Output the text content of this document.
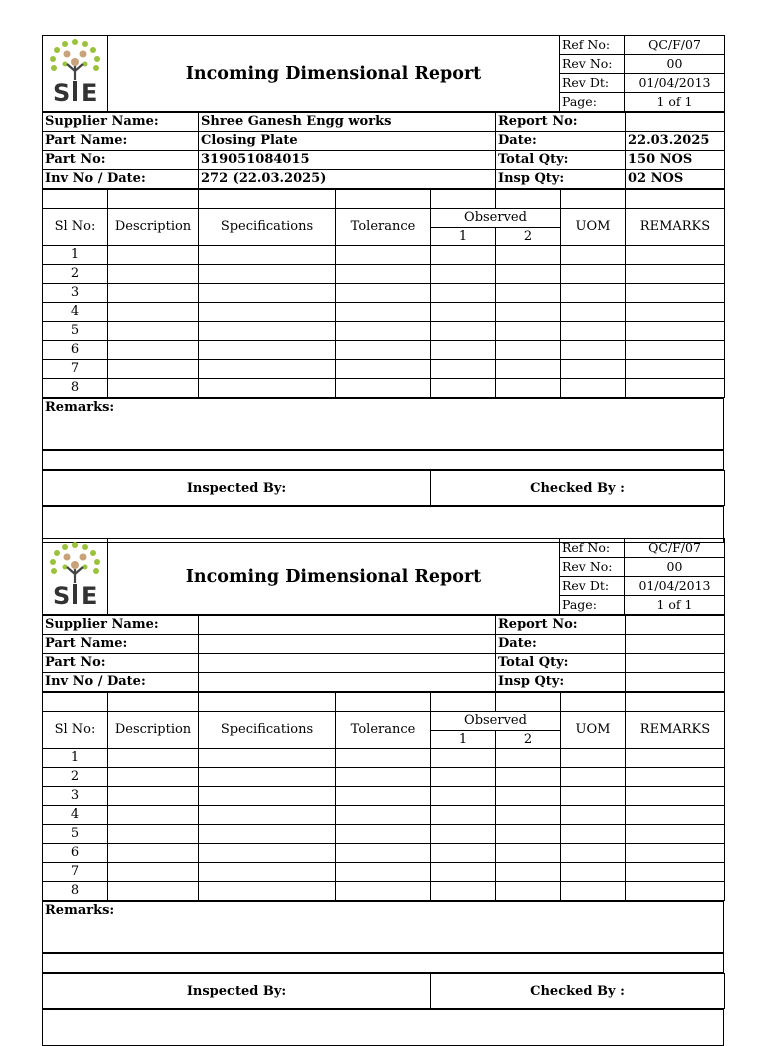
S E	Incoming Dimensional Report	Ref No:	QC/F/07
		Rev No:	00
		Rev Dt:	01/04/2013
		Page:	1 of 1
Supplier Name:	Shree Ganesh Engg works	Report No:	
Part Name:	Closing Plate	Date:	22.03.2025
Part No:	319051084015	Total Qty:	150 NOS
Inv No / Date:	272 (22.03.2025)	Insp Qty:	02 NOS

Sl No:	Description	Specifications	Tolerance	Observed		UOM	REMARKS
				1	2		
1							
2							
3							
4							
5							
6							
7							
8							
Remarks:
Inspected By:	Checked By :
S E	Incoming Dimensional Report	Ref No:	QC/F/07
		Rev No:	00
		Rev Dt:	01/04/2013
		Page:	1 of 1
Supplier Name:		Report No:	
Part Name:		Date:	
Part No:		Total Qty:	
Inv No / Date:		Insp Qty:	

Sl No:	Description	Specifications	Tolerance	Observed		UOM	REMARKS
				1	2		
1							
2							
3							
4							
5							
6							
7							
8							
Remarks:
Inspected By:	Checked By :
